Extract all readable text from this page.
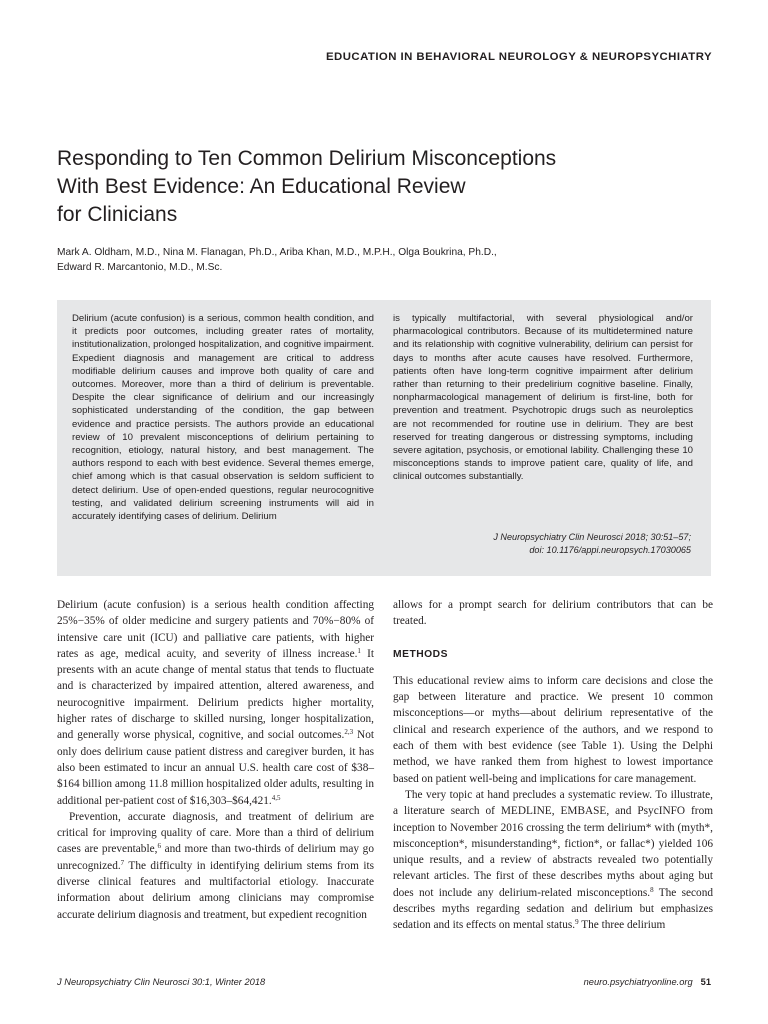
EDUCATION IN BEHAVIORAL NEUROLOGY & NEUROPSYCHIATRY
Responding to Ten Common Delirium Misconceptions
With Best Evidence: An Educational Review
for Clinicians
Mark A. Oldham, M.D., Nina M. Flanagan, Ph.D., Ariba Khan, M.D., M.P.H., Olga Boukrina, Ph.D.,
Edward R. Marcantonio, M.D., M.Sc.
Delirium (acute confusion) is a serious, common health condition, and it predicts poor outcomes, including greater rates of mortality, institutionalization, prolonged hospitalization, and cognitive impairment. Expedient diagnosis and management are critical to address modifiable delirium causes and improve both quality of care and outcomes. Moreover, more than a third of delirium is preventable. Despite the clear significance of delirium and our increasingly sophisticated understanding of the condition, the gap between evidence and practice persists. The authors provide an educational review of 10 prevalent misconceptions of delirium pertaining to recognition, etiology, natural history, and best management. The authors respond to each with best evidence. Several themes emerge, chief among which is that casual observation is seldom sufficient to detect delirium. Use of open-ended questions, regular neurocognitive testing, and validated delirium screening instruments will aid in accurately identifying cases of delirium. Delirium
is typically multifactorial, with several physiological and/or pharmacological contributors. Because of its multidetermined nature and its relationship with cognitive vulnerability, delirium can persist for days to months after acute causes have resolved. Furthermore, patients often have long-term cognitive impairment after delirium rather than returning to their predelirium cognitive baseline. Finally, nonpharmacological management of delirium is first-line, both for prevention and treatment. Psychotropic drugs such as neuroleptics are not recommended for routine use in delirium. They are best reserved for treating dangerous or distressing symptoms, including severe agitation, psychosis, or emotional lability. Challenging these 10 misconceptions stands to improve patient care, quality of life, and clinical outcomes substantially.
J Neuropsychiatry Clin Neurosci 2018; 30:51–57;
doi: 10.1176/appi.neuropsych.17030065

Delirium (acute confusion) is a serious health condition affecting 25%−35% of older medicine and surgery patients and 70%−80% of intensive care unit (ICU) and palliative care patients, with higher rates as age, medical acuity, and severity of illness increase.$^1$ It presents with an acute change of mental status that tends to fluctuate and is characterized by impaired attention, altered awareness, and neurocognitive impairment. Delirium predicts higher mortality, higher rates of discharge to skilled nursing, longer hospitalization, and generally worse physical, cognitive, and social outcomes.$^{2,3}$ Not only does delirium cause patient distress and caregiver burden, it has also been estimated to incur an annual U.S. health care cost of $38–$164 billion among 11.8 million hospitalized older adults, resulting in additional per-patient cost of $16,303–$64,421.$^{4,5}$

Prevention, accurate diagnosis, and treatment of delirium are critical for improving quality of care. More than a third of delirium cases are preventable,$^6$ and more than two-thirds of delirium may go unrecognized.$^7$ The difficulty in identifying delirium stems from its diverse clinical features and multifactorial etiology. Inaccurate information about delirium among clinicians may compromise accurate delirium diagnosis and treatment, but expedient recognition

allows for a prompt search for delirium contributors that can be treated.

METHODS

This educational review aims to inform care decisions and close the gap between literature and practice. We present 10 common misconceptions—or myths—about delirium representative of the clinical and research experience of the authors, and we respond to each of them with best evidence (see Table 1). Using the Delphi method, we have ranked them from highest to lowest importance based on patient well-being and implications for care management.

The very topic at hand precludes a systematic review. To illustrate, a literature search of MEDLINE, EMBASE, and PsycINFO from inception to November 2016 crossing the term delirium* with (myth*, misconception*, misunderstanding*, fiction*, or fallac*) yielded 106 unique results, and a review of abstracts revealed two potentially relevant articles. The first of these describes myths about aging but does not include any delirium-related misconceptions.$^8$ The second describes myths regarding sedation and delirium but emphasizes sedation and its effects on mental status.$^9$ The three delirium

J Neuropsychiatry Clin Neurosci 30:1, Winter 2018	neuro.psychiatryonline.org 51
